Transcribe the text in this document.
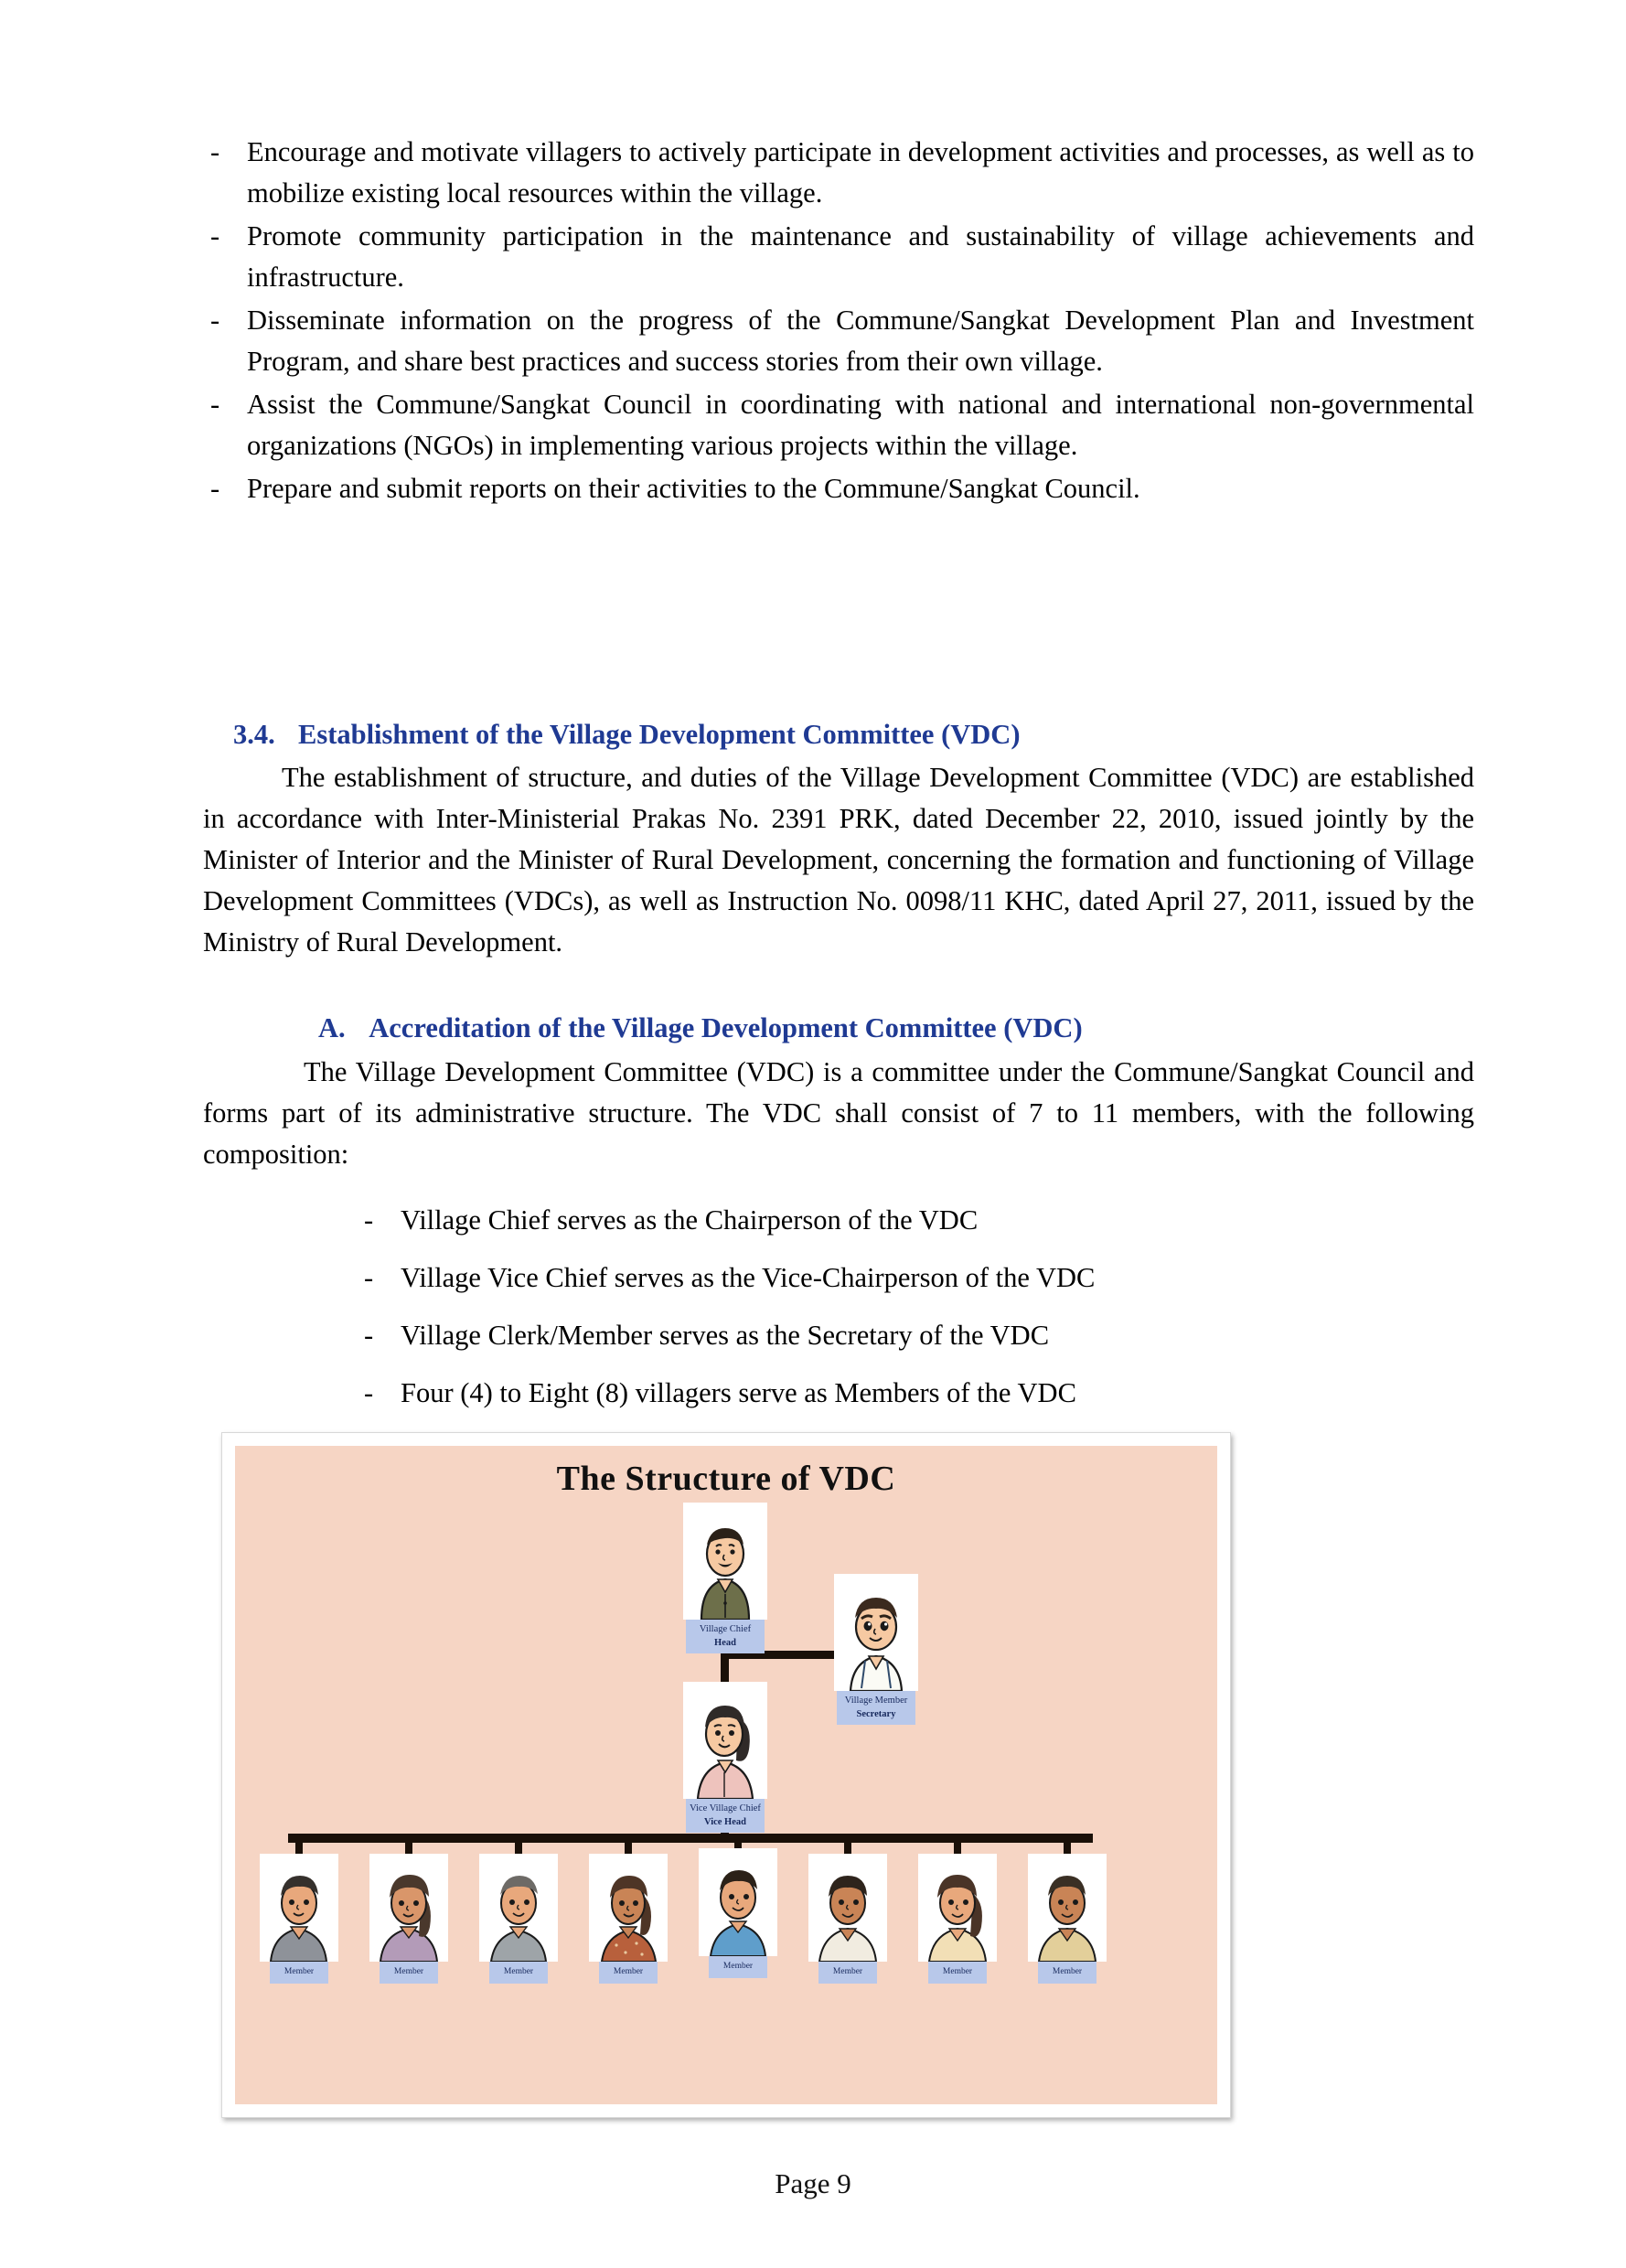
- Encourage and motivate villagers to actively participate in development activities and processes, as well as to mobilize existing local resources within the village.
- Promote community participation in the maintenance and sustainability of village achievements and infrastructure.
- Disseminate information on the progress of the Commune/Sangkat Development Plan and Investment Program, and share best practices and success stories from their own village.
- Assist the Commune/Sangkat Council in coordinating with national and international non-governmental organizations (NGOs) in implementing various projects within the village.
- Prepare and submit reports on their activities to the Commune/Sangkat Council.
3.4. Establishment of the Village Development Committee (VDC)

The establishment of structure, and duties of the Village Development Committee (VDC) are established in accordance with Inter-Ministerial Prakas No. 2391 PRK, dated December 22, 2010, issued jointly by the Minister of Interior and the Minister of Rural Development, concerning the formation and functioning of Village Development Committees (VDCs), as well as Instruction No. 0098/11 KHC, dated April 27, 2011, issued by the Ministry of Rural Development.

A. Accreditation of the Village Development Committee (VDC)

The Village Development Committee (VDC) is a committee under the Commune/Sangkat Council and forms part of its administrative structure. The VDC shall consist of 7 to 11 members, with the following composition:

- Village Chief serves as the Chairperson of the VDC
- Village Vice Chief serves as the Vice-Chairperson of the VDC
- Village Clerk/Member serves as the Secretary of the VDC
- Four (4) to Eight (8) villagers serve as Members of the VDC
The Structure of VDC
Village Chief
Head
Village Member
Secretary
Vice Village Chief
Vice Head
Member	Member	Member	Member
Member
Member	Member	Member
Page 9
